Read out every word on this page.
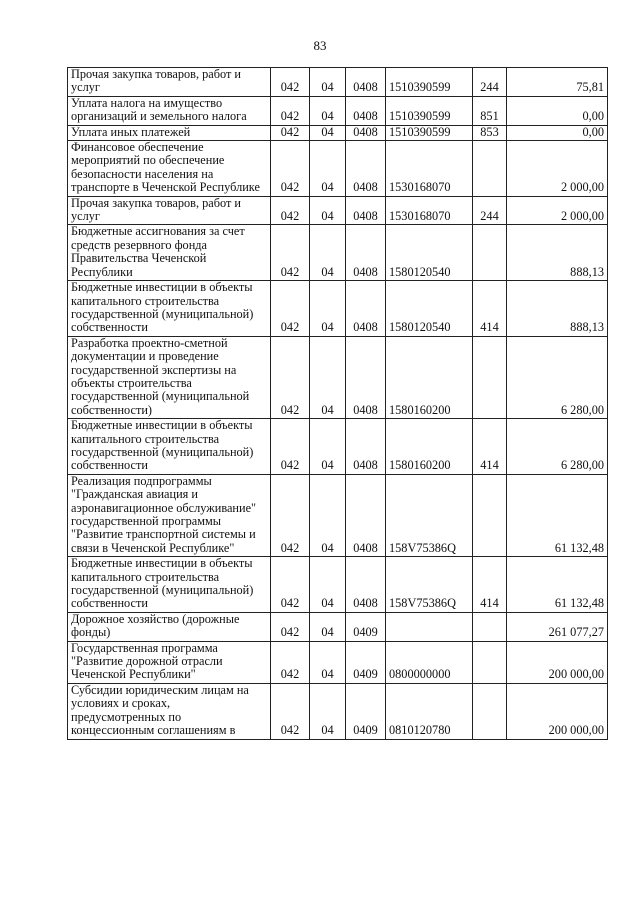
83
Прочая закупка товаров, работ и услуг	042	04	0408	1510390599	244	75,81
Уплата налога на имущество организаций и земельного налога	042	04	0408	1510390599	851	0,00
Уплата иных платежей	042	04	0408	1510390599	853	0,00
Финансовое обеспечение мероприятий по обеспечение безопасности населения на транспорте в Чеченской Республике	042	04	0408	1530168070		2 000,00
Прочая закупка товаров, работ и услуг	042	04	0408	1530168070	244	2 000,00
Бюджетные ассигнования за счет средств резервного фонда Правительства Чеченской Республики	042	04	0408	1580120540		888,13
Бюджетные инвестиции в объекты капитального строительства государственной (муниципальной) собственности	042	04	0408	1580120540	414	888,13
Разработка проектно-сметной документации и проведение государственной экспертизы на объекты строительства государственной (муниципальной собственности)	042	04	0408	1580160200		6 280,00
Бюджетные инвестиции в объекты капитального строительства государственной (муниципальной) собственности	042	04	0408	1580160200	414	6 280,00
Реализация подпрограммы "Гражданская авиация и аэронавигационное обслуживание" государственной программы "Развитие транспортной системы и связи в Чеченской Республике"	042	04	0408	158V75386Q		61 132,48
Бюджетные инвестиции в объекты капитального строительства государственной (муниципальной) собственности	042	04	0408	158V75386Q	414	61 132,48
Дорожное хозяйство (дорожные фонды)	042	04	0409			261 077,27
Государственная программа "Развитие дорожной отрасли Чеченской Республики"	042	04	0409	0800000000		200 000,00
Субсидии юридическим лицам на условиях и сроках, предусмотренных по концессионным соглашениям в	042	04	0409	0810120780		200 000,00
